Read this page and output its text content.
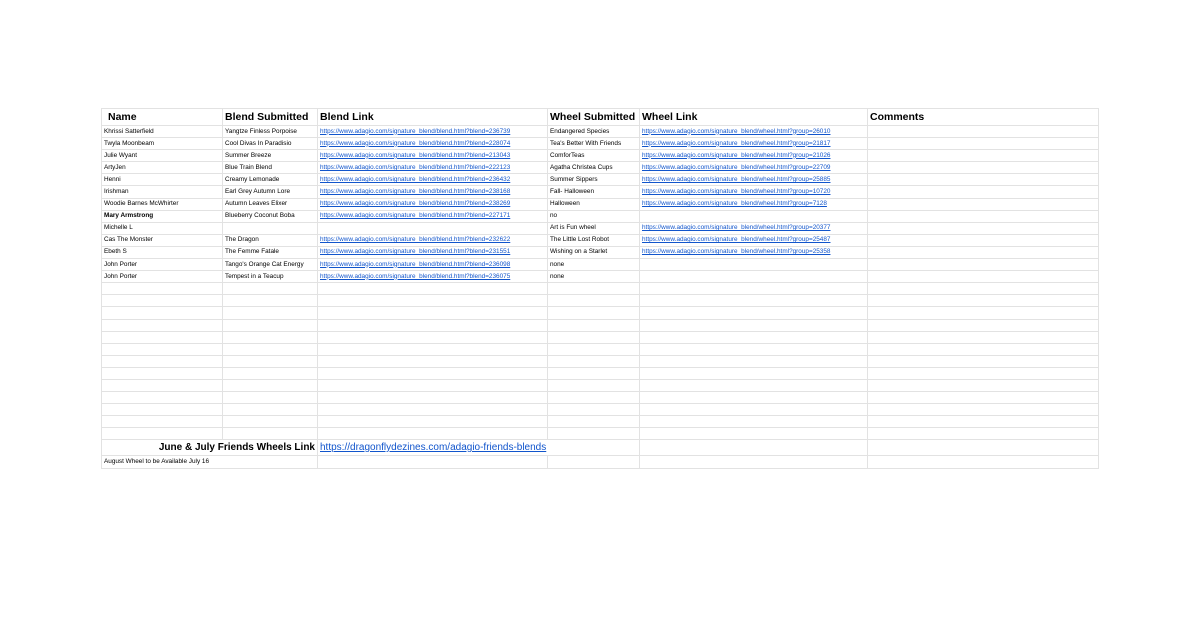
Name	Blend Submitted	Blend Link	Wheel Submitted	Wheel Link	Comments
Khrissi Satterfield	Yangtze Finless Porpoise	https://www.adagio.com/signature_blend/blend.html?blend=236739	Endangered Species	https://www.adagio.com/signature_blend/wheel.html?group=26010	
Twyla Moonbeam	Cool Divas In Paradisio	https://www.adagio.com/signature_blend/blend.html?blend=228074	Tea's Better With Friends	https://www.adagio.com/signature_blend/wheel.html?group=21817	
Julie Wyant	Summer Breeze	https://www.adagio.com/signature_blend/blend.html?blend=213043	ComforTeas	https://www.adagio.com/signature_blend/wheel.html?group=21026	
ArtyJen	Blue Train Blend	https://www.adagio.com/signature_blend/blend.html?blend=222123	Agatha Christea Cups	https://www.adagio.com/signature_blend/wheel.html?group=22709	
Henni	Creamy Lemonade	https://www.adagio.com/signature_blend/blend.html?blend=236432	Summer Sippers	https://www.adagio.com/signature_blend/wheel.html?group=25885	
Irishman	Earl Grey Autumn Lore	https://www.adagio.com/signature_blend/blend.html?blend=238168	Fall- Halloween	https://www.adagio.com/signature_blend/wheel.html?group=10720	
Woodie Barnes McWhirter	Autumn Leaves Elixer	https://www.adagio.com/signature_blend/blend.html?blend=238269	Halloween	https://www.adagio.com/signature_blend/wheel.html?group=7128	
Mary Armstrong	Blueberry Coconut Boba	https://www.adagio.com/signature_blend/blend.html?blend=227171	no		
Michelle L			Art is Fun wheel	https://www.adagio.com/signature_blend/wheel.html?group=20377	
Cas The Monster	The Dragon	https://www.adagio.com/signature_blend/blend.html?blend=232622	The Little Lost Robot	https://www.adagio.com/signature_blend/wheel.html?group=25487	
Ebeth S	The Femme Fatale	https://www.adagio.com/signature_blend/blend.html?blend=231551	Wishing on a Starlet	https://www.adagio.com/signature_blend/wheel.html?group=25358	
John Porter	Tango's Orange Cat Energy	https://www.adagio.com/signature_blend/blend.html?blend=236098	none		
John Porter	Tempest in a Teacup	https://www.adagio.com/signature_blend/blend.html?blend=236075	none		

June & July Friends Wheels Link		https://dragonflydezines.com/adagio-friends-blends			
August Wheel to be Available July 16					
